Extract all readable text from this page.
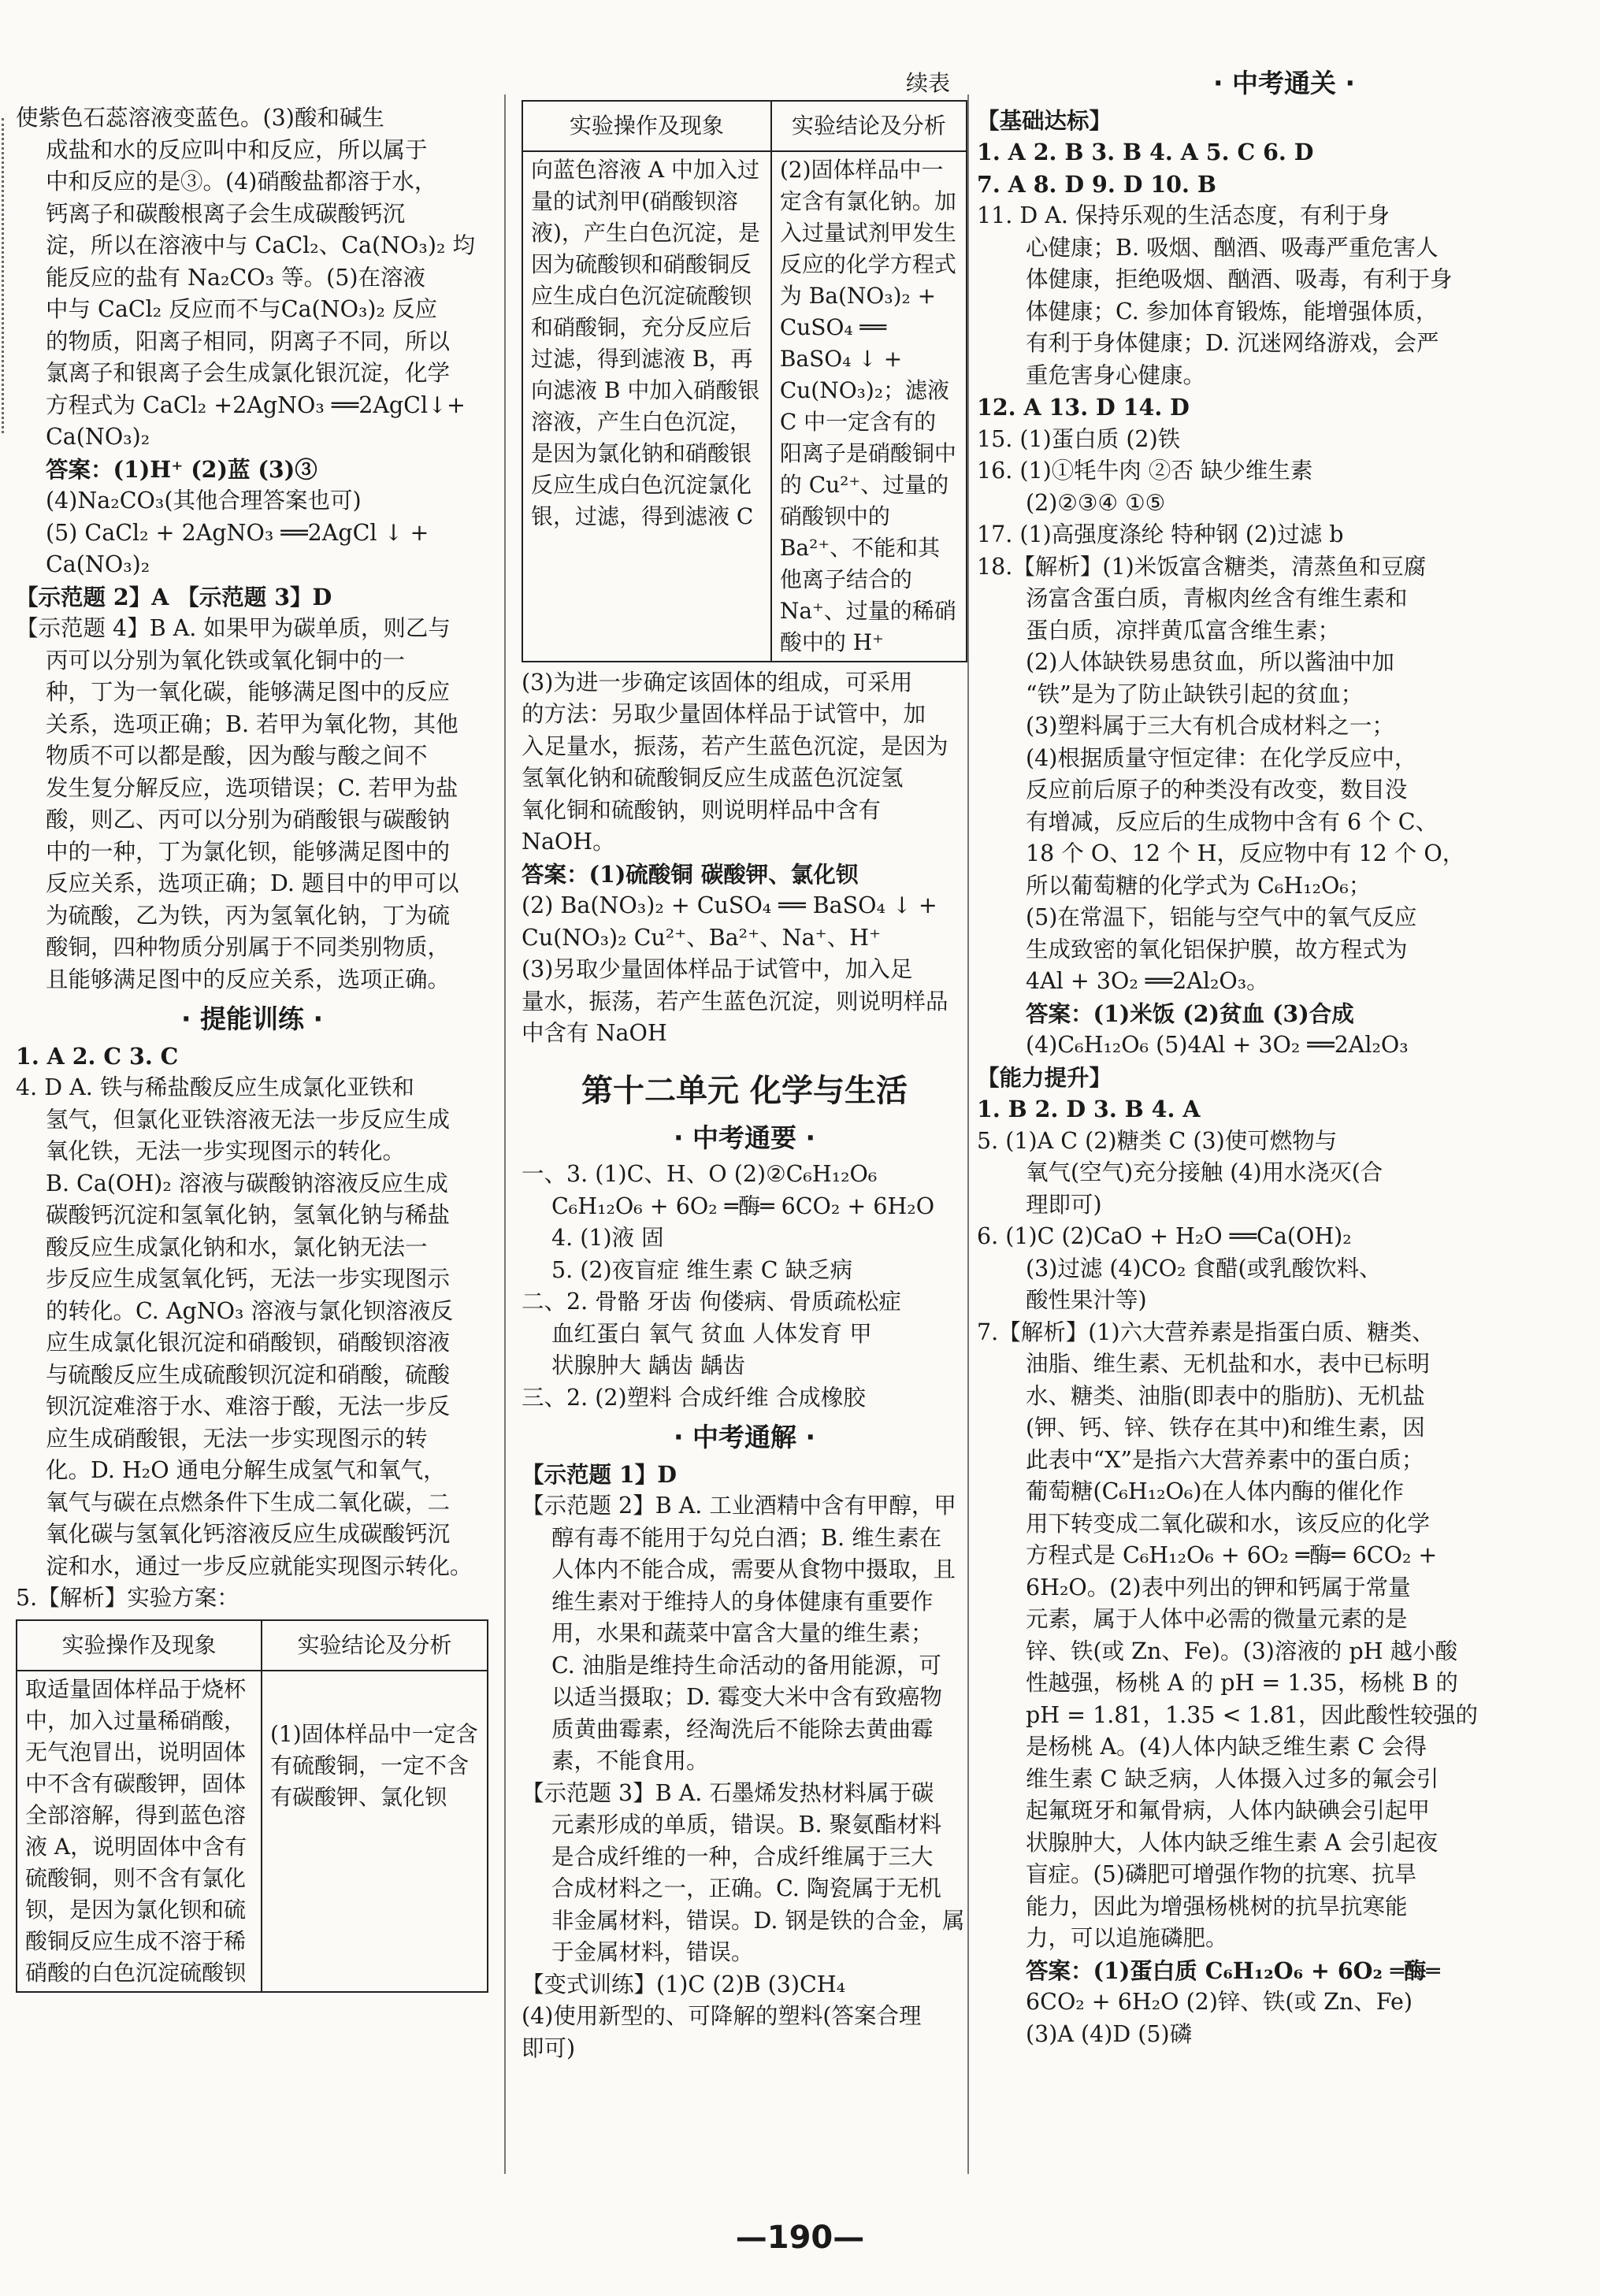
使紫色石蕊溶液变蓝色。(3)酸和碱生
成盐和水的反应叫中和反应，所以属于
中和反应的是③。(4)硝酸盐都溶于水，
钙离子和碳酸根离子会生成碳酸钙沉
淀，所以在溶液中与 CaCl₂、Ca(NO₃)₂ 均
能反应的盐有 Na₂CO₃ 等。(5)在溶液
中与 CaCl₂ 反应而不与Ca(NO₃)₂ 反应
的物质，阳离子相同，阴离子不同，所以
氯离子和银离子会生成氯化银沉淀，化学
方程式为 CaCl₂ +2AgNO₃ ══2AgCl↓+
Ca(NO₃)₂
答案：(1)H⁺ (2)蓝 (3)③
(4)Na₂CO₃(其他合理答案也可)
(5) CaCl₂ + 2AgNO₃ ══2AgCl ↓ +
Ca(NO₃)₂
【示范题 2】A 【示范题 3】D
【示范题 4】B A. 如果甲为碳单质，则乙与
丙可以分别为氧化铁或氧化铜中的一
种，丁为一氧化碳，能够满足图中的反应
关系，选项正确；B. 若甲为氧化物，其他
物质不可以都是酸，因为酸与酸之间不
发生复分解反应，选项错误；C. 若甲为盐
酸，则乙、丙可以分别为硝酸银与碳酸钠
中的一种，丁为氯化钡，能够满足图中的
反应关系，选项正确；D. 题目中的甲可以
为硫酸，乙为铁，丙为氢氧化钠，丁为硫
酸铜，四种物质分别属于不同类别物质，
且能够满足图中的反应关系，选项正确。
· 提能训练 ·
1. A 2. C 3. C
4. D A. 铁与稀盐酸反应生成氯化亚铁和
氢气，但氯化亚铁溶液无法一步反应生成
氧化铁，无法一步实现图示的转化。
B. Ca(OH)₂ 溶液与碳酸钠溶液反应生成
碳酸钙沉淀和氢氧化钠，氢氧化钠与稀盐
酸反应生成氯化钠和水，氯化钠无法一
步反应生成氢氧化钙，无法一步实现图示
的转化。C. AgNO₃ 溶液与氯化钡溶液反
应生成氯化银沉淀和硝酸钡，硝酸钡溶液
与硫酸反应生成硫酸钡沉淀和硝酸，硫酸
钡沉淀难溶于水、难溶于酸，无法一步反
应生成硝酸银，无法一步实现图示的转
化。D. H₂O 通电分解生成氢气和氧气，
氧气与碳在点燃条件下生成二氧化碳，二
氧化碳与氢氧化钙溶液反应生成碳酸钙沉
淀和水，通过一步反应就能实现图示转化。
5.【解析】实验方案：
实验操作及现象	实验结论及分析
取适量固体样品于烧杯中，加入过量稀硝酸，无气泡冒出，说明固体中不含有碳酸钾，固体全部溶解，得到蓝色溶液 A，说明固体中含有硫酸铜，则不含有氯化钡，是因为氯化钡和硫酸铜反应生成不溶于稀硝酸的白色沉淀硫酸钡	(1)固体样品中一定含有硫酸铜，一定不含有碳酸钾、氯化钡
续表
实验操作及现象	实验结论及分析
向蓝色溶液 A 中加入过量的试剂甲(硝酸钡溶液)，产生白色沉淀，是因为硫酸钡和硝酸铜反应生成白色沉淀硫酸钡和硝酸铜，充分反应后过滤，得到滤液 B，再向滤液 B 中加入硝酸银溶液，产生白色沉淀，是因为氯化钠和硝酸银反应生成白色沉淀氯化银，过滤，得到滤液 C	(2)固体样品中一定含有氯化钠。加入过量试剂甲发生反应的化学方程式为 Ba(NO₃)₂ + CuSO₄ ══ BaSO₄ ↓ + Cu(NO₃)₂；滤液 C 中一定含有的阳离子是硝酸铜中的 Cu²⁺、过量的硝酸钡中的 Ba²⁺、不能和其他离子结合的 Na⁺、过量的稀硝酸中的 H⁺
(3)为进一步确定该固体的组成，可采用
的方法：另取少量固体样品于试管中，加
入足量水，振荡，若产生蓝色沉淀，是因为
氢氧化钠和硫酸铜反应生成蓝色沉淀氢
氧化铜和硫酸钠，则说明样品中含有
NaOH。
答案：(1)硫酸铜 碳酸钾、氯化钡
(2) Ba(NO₃)₂ + CuSO₄ ══ BaSO₄ ↓ +
Cu(NO₃)₂ Cu²⁺、Ba²⁺、Na⁺、H⁺
(3)另取少量固体样品于试管中，加入足
量水，振荡，若产生蓝色沉淀，则说明样品
中含有 NaOH
第十二单元 化学与生活
· 中考通要 ·
一、3. (1)C、H、O (2)②C₆H₁₂O₆
C₆H₁₂O₆ + 6O₂ ═酶═ 6CO₂ + 6H₂O
4. (1)液 固
5. (2)夜盲症 维生素 C 缺乏病
二、2. 骨骼 牙齿 佝偻病、骨质疏松症
血红蛋白 氧气 贫血 人体发育 甲
状腺肿大 龋齿 龋齿
三、2. (2)塑料 合成纤维 合成橡胶
· 中考通解 ·
【示范题 1】D
【示范题 2】B A. 工业酒精中含有甲醇，甲
醇有毒不能用于勾兑白酒；B. 维生素在
人体内不能合成，需要从食物中摄取，且
维生素对于维持人的身体健康有重要作
用，水果和蔬菜中富含大量的维生素；
C. 油脂是维持生命活动的备用能源，可
以适当摄取；D. 霉变大米中含有致癌物
质黄曲霉素，经淘洗后不能除去黄曲霉
素，不能食用。
【示范题 3】B A. 石墨烯发热材料属于碳
元素形成的单质，错误。B. 聚氨酯材料
是合成纤维的一种，合成纤维属于三大
合成材料之一，正确。C. 陶瓷属于无机
非金属材料，错误。D. 钢是铁的合金，属
于金属材料，错误。
【变式训练】(1)C (2)B (3)CH₄
(4)使用新型的、可降解的塑料(答案合理
即可)
· 中考通关 ·
【基础达标】
1. A 2. B 3. B 4. A 5. C 6. D
7. A 8. D 9. D 10. B
11. D A. 保持乐观的生活态度，有利于身
心健康；B. 吸烟、酗酒、吸毒严重危害人
体健康，拒绝吸烟、酗酒、吸毒，有利于身
体健康；C. 参加体育锻炼，能增强体质，
有利于身体健康；D. 沉迷网络游戏，会严
重危害身心健康。
12. A 13. D 14. D
15. (1)蛋白质 (2)铁
16. (1)①牦牛肉 ②否 缺少维生素
(2)②③④ ①⑤
17. (1)高强度涤纶 特种钢 (2)过滤 b
18.【解析】(1)米饭富含糖类，清蒸鱼和豆腐
汤富含蛋白质，青椒肉丝含有维生素和
蛋白质，凉拌黄瓜富含维生素；
(2)人体缺铁易患贫血，所以酱油中加
“铁”是为了防止缺铁引起的贫血；
(3)塑料属于三大有机合成材料之一；
(4)根据质量守恒定律：在化学反应中，
反应前后原子的种类没有改变，数目没
有增减，反应后的生成物中含有 6 个 C、
18 个 O、12 个 H，反应物中有 12 个 O，
所以葡萄糖的化学式为 C₆H₁₂O₆；
(5)在常温下，铝能与空气中的氧气反应
生成致密的氧化铝保护膜，故方程式为
4Al + 3O₂ ══2Al₂O₃。
答案：(1)米饭 (2)贫血 (3)合成
(4)C₆H₁₂O₆ (5)4Al + 3O₂ ══2Al₂O₃
【能力提升】
1. B 2. D 3. B 4. A
5. (1)A C (2)糖类 C (3)使可燃物与
氧气(空气)充分接触 (4)用水浇灭(合
理即可)
6. (1)C (2)CaO + H₂O ══Ca(OH)₂
(3)过滤 (4)CO₂ 食醋(或乳酸饮料、
酸性果汁等)
7.【解析】(1)六大营养素是指蛋白质、糖类、
油脂、维生素、无机盐和水，表中已标明
水、糖类、油脂(即表中的脂肪)、无机盐
(钾、钙、锌、铁存在其中)和维生素，因
此表中“X”是指六大营养素中的蛋白质；
葡萄糖(C₆H₁₂O₆)在人体内酶的催化作
用下转变成二氧化碳和水，该反应的化学
方程式是 C₆H₁₂O₆ + 6O₂ ═酶═ 6CO₂ +
6H₂O。(2)表中列出的钾和钙属于常量
元素，属于人体中必需的微量元素的是
锌、铁(或 Zn、Fe)。(3)溶液的 pH 越小酸
性越强，杨桃 A 的 pH = 1.35，杨桃 B 的
pH = 1.81，1.35 < 1.81，因此酸性较强的
是杨桃 A。(4)人体内缺乏维生素 C 会得
维生素 C 缺乏病，人体摄入过多的氟会引
起氟斑牙和氟骨病，人体内缺碘会引起甲
状腺肿大，人体内缺乏维生素 A 会引起夜
盲症。(5)磷肥可增强作物的抗寒、抗旱
能力，因此为增强杨桃树的抗旱抗寒能
力，可以追施磷肥。
答案：(1)蛋白质 C₆H₁₂O₆ + 6O₂ ═酶═
6CO₂ + 6H₂O (2)锌、铁(或 Zn、Fe)
(3)A (4)D (5)磷
—190—
